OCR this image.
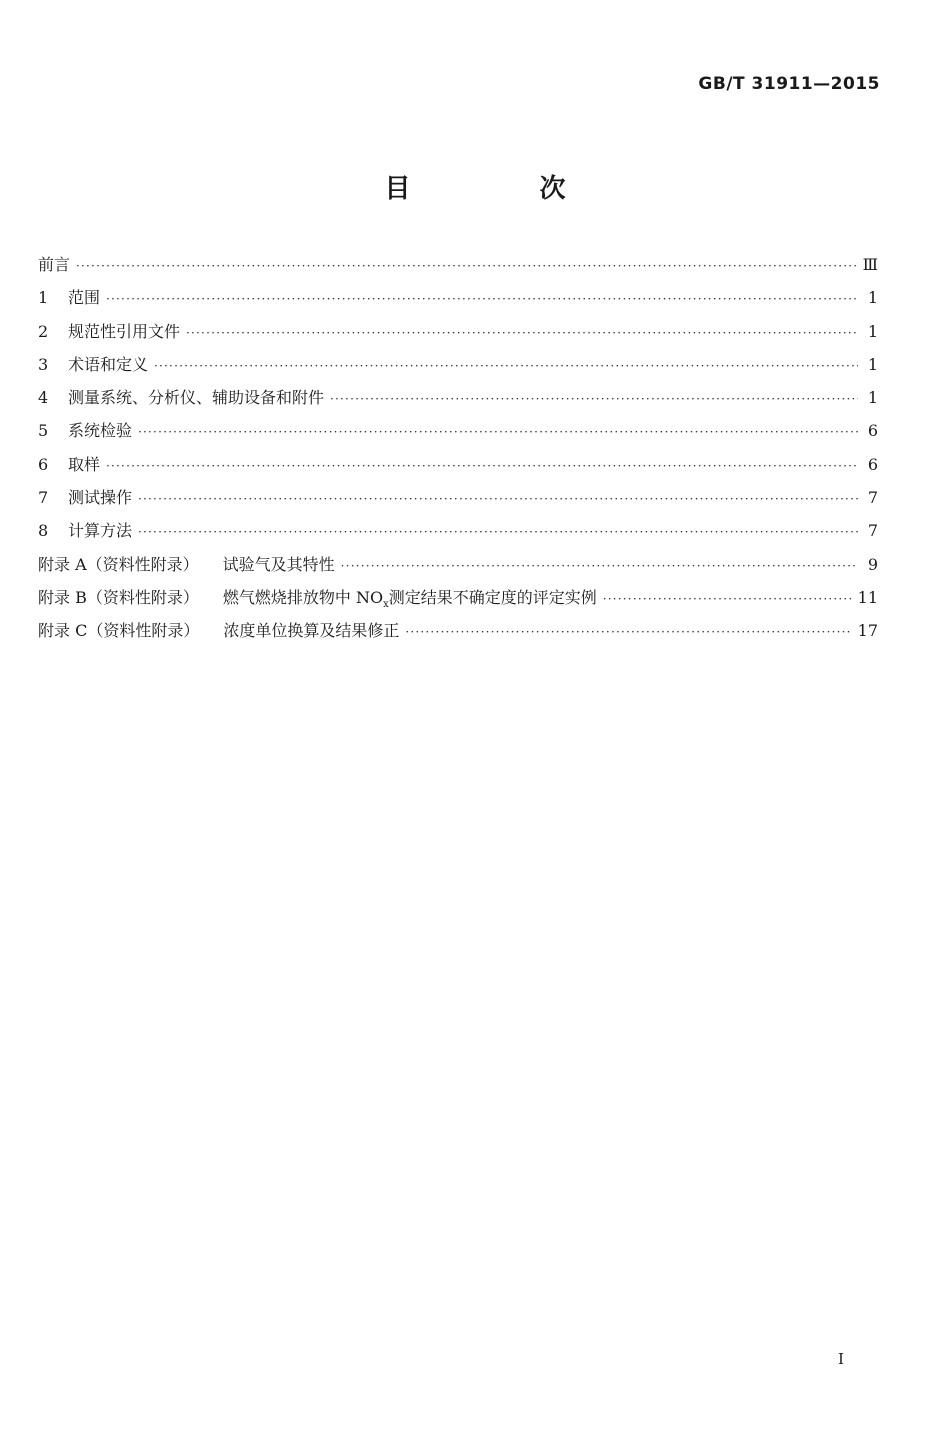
GB/T 31911—2015
目 次
前言 ·····	Ⅲ
1	范围 ·····	1
2	规范性引用文件 ·····	1
3	术语和定义 ·····	1
4	测量系统、分析仪、辅助设备和附件 ·····	1
5	系统检验 ·····	6
6	取样 ·····	6
7	测试操作 ·····	7
8	计算方法 ·····	7
附录 A（资料性附录） 试验气及其特性 ·····	9
附录 B（资料性附录） 燃气燃烧排放物中 $NO_x$测定结果不确定度的评定实例 ·····	11
附录 C（资料性附录） 浓度单位换算及结果修正 ·····	17
Ⅰ
